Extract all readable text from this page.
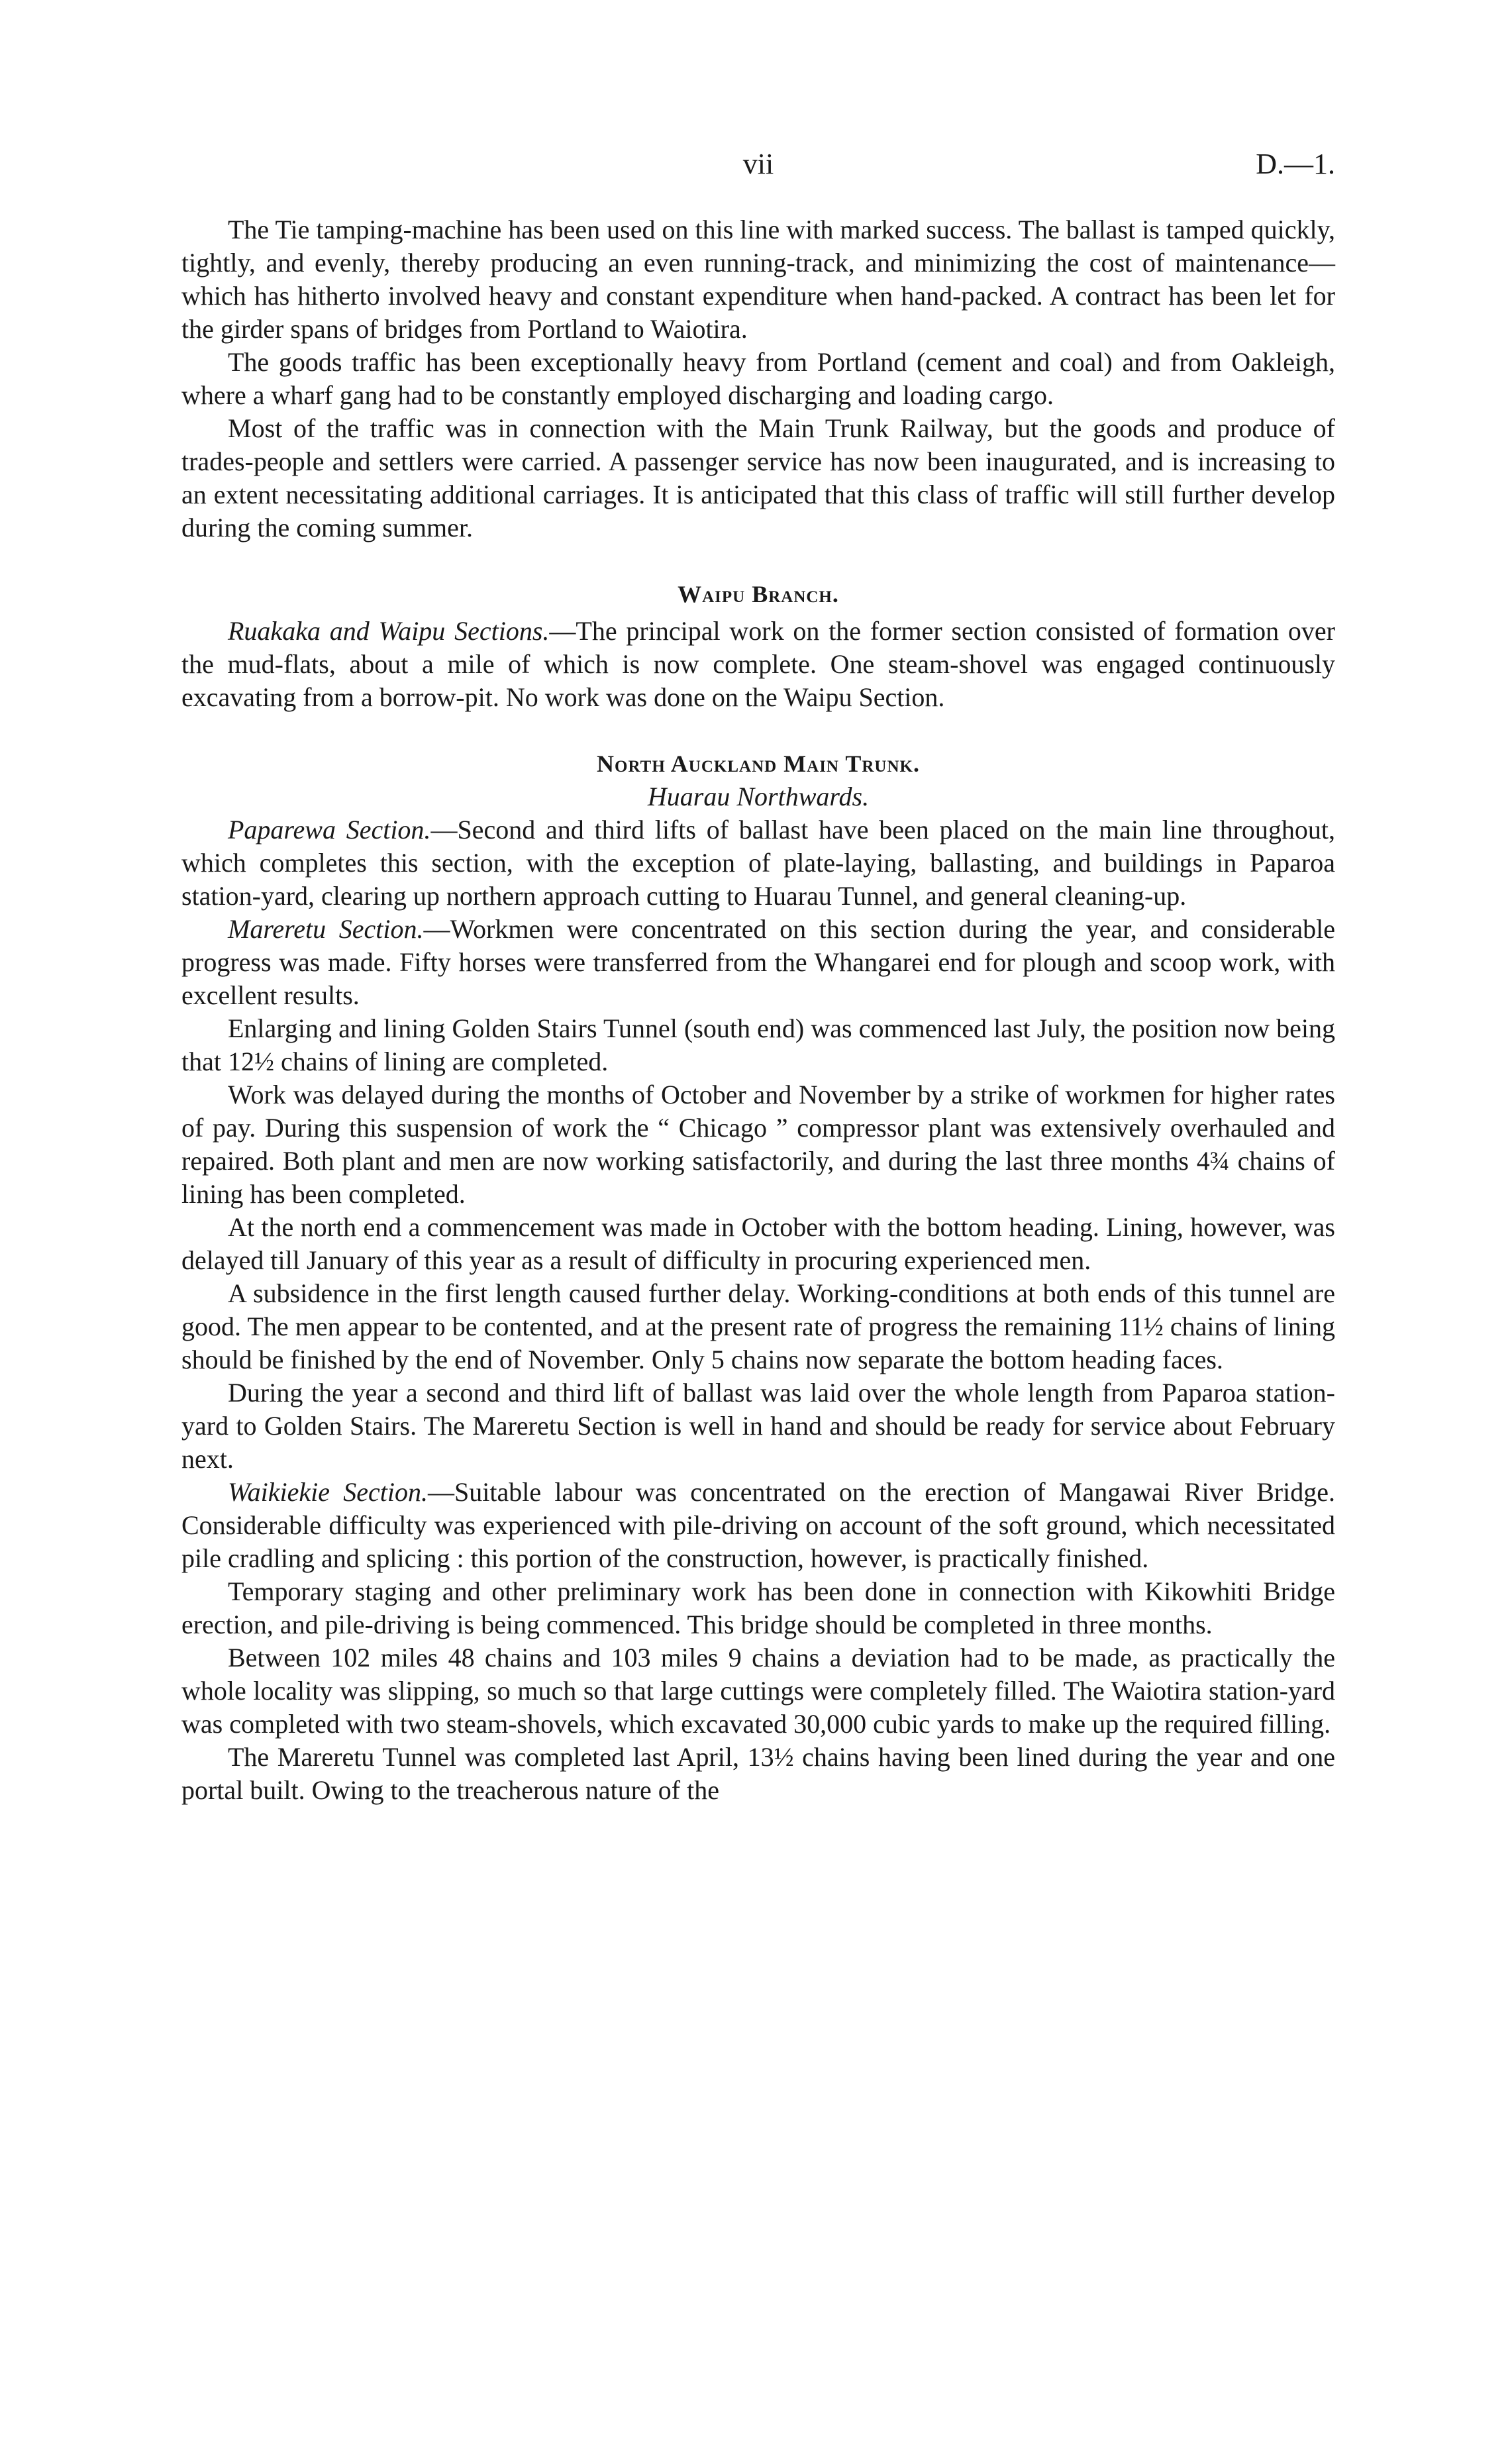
vii	D.—1.

The Tie tamping-machine has been used on this line with marked success. The ballast is tamped quickly, tightly, and evenly, thereby producing an even running-track, and minimizing the cost of maintenance—which has hitherto involved heavy and constant expenditure when hand-packed. A contract has been let for the girder spans of bridges from Portland to Waiotira.

The goods traffic has been exceptionally heavy from Portland (cement and coal) and from Oakleigh, where a wharf gang had to be constantly employed discharging and loading cargo.

Most of the traffic was in connection with the Main Trunk Railway, but the goods and produce of trades-people and settlers were carried. A passenger service has now been inaugurated, and is increasing to an extent necessitating additional carriages. It is anticipated that this class of traffic will still further develop during the coming summer.

Waipu Branch.

Ruakaka and Waipu Sections.—The principal work on the former section consisted of formation over the mud-flats, about a mile of which is now complete. One steam-shovel was engaged continuously excavating from a borrow-pit. No work was done on the Waipu Section.

North Auckland Main Trunk.
Huarau Northwards.

Paparewa Section.—Second and third lifts of ballast have been placed on the main line throughout, which completes this section, with the exception of plate-laying, ballasting, and buildings in Paparoa station-yard, clearing up northern approach cutting to Huarau Tunnel, and general cleaning-up.

Mareretu Section.—Workmen were concentrated on this section during the year, and considerable progress was made. Fifty horses were transferred from the Whangarei end for plough and scoop work, with excellent results.

Enlarging and lining Golden Stairs Tunnel (south end) was commenced last July, the position now being that 12½ chains of lining are completed.

Work was delayed during the months of October and November by a strike of workmen for higher rates of pay. During this suspension of work the “ Chicago ” compressor plant was extensively overhauled and repaired. Both plant and men are now working satisfactorily, and during the last three months 4¾ chains of lining has been completed.

At the north end a commencement was made in October with the bottom heading. Lining, however, was delayed till January of this year as a result of difficulty in procuring experienced men.

A subsidence in the first length caused further delay. Working-conditions at both ends of this tunnel are good. The men appear to be contented, and at the present rate of progress the remaining 11½ chains of lining should be finished by the end of November. Only 5 chains now separate the bottom heading faces.

During the year a second and third lift of ballast was laid over the whole length from Paparoa station-yard to Golden Stairs. The Mareretu Section is well in hand and should be ready for service about February next.

Waikiekie Section.—Suitable labour was concentrated on the erection of Mangawai River Bridge. Considerable difficulty was experienced with pile-driving on account of the soft ground, which necessitated pile cradling and splicing : this portion of the construction, however, is practically finished.

Temporary staging and other preliminary work has been done in connection with Kikowhiti Bridge erection, and pile-driving is being commenced. This bridge should be completed in three months.

Between 102 miles 48 chains and 103 miles 9 chains a deviation had to be made, as practically the whole locality was slipping, so much so that large cuttings were completely filled. The Waiotira station-yard was completed with two steam-shovels, which excavated 30,000 cubic yards to make up the required filling.

The Mareretu Tunnel was completed last April, 13½ chains having been lined during the year and one portal built. Owing to the treacherous nature of the
